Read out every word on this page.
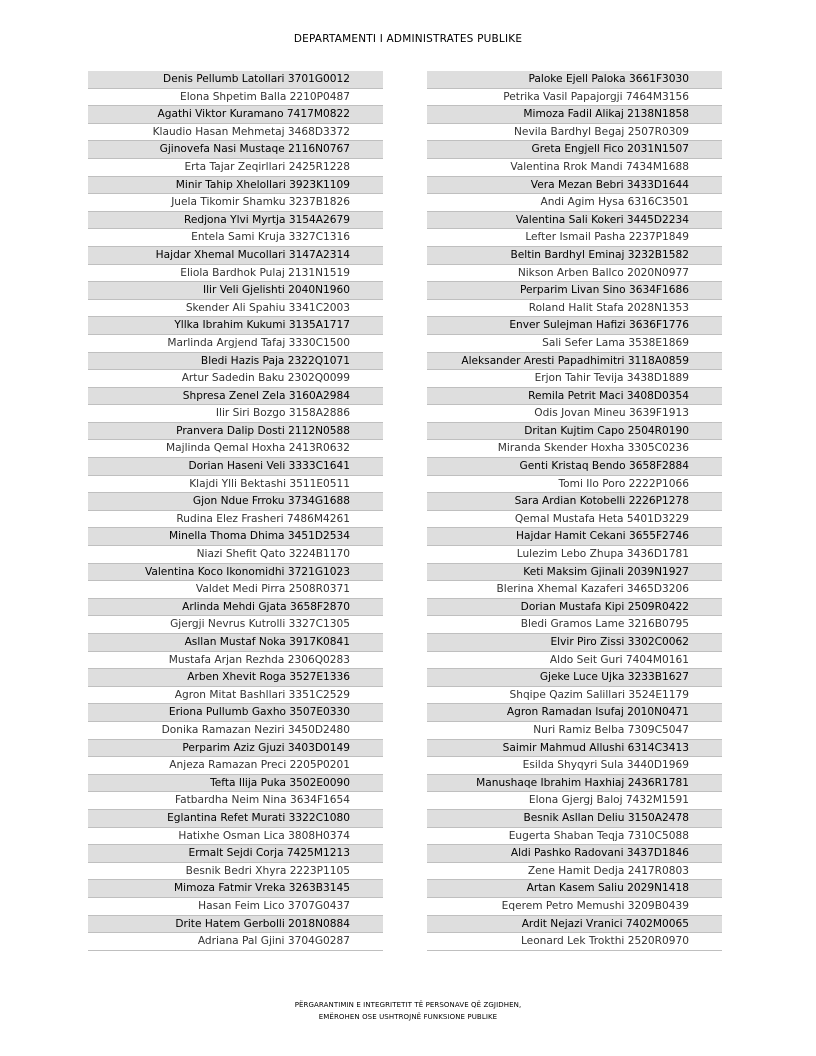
DEPARTAMENTI I ADMINISTRATES PUBLIKE
Denis Pellumb Latollari 3701G0012
Elona Shpetim Balla 2210P0487
Agathi Viktor Kuramano 7417M0822
Klaudio Hasan Mehmetaj 3468D3372
Gjinovefa Nasi Mustaqe 2116N0767
Erta Tajar Zeqirllari 2425R1228
Minir Tahip Xhelollari 3923K1109
Juela Tikomir Shamku 3237B1826
Redjona Ylvi Myrtja 3154A2679
Entela Sami Kruja 3327C1316
Hajdar Xhemal Mucollari 3147A2314
Eliola Bardhok Pulaj 2131N1519
Ilir Veli Gjelishti 2040N1960
Skender Ali Spahiu 3341C2003
Yllka Ibrahim Kukumi 3135A1717
Marlinda Argjend Tafaj 3330C1500
Bledi Hazis Paja 2322Q1071
Artur Sadedin Baku 2302Q0099
Shpresa Zenel Zela 3160A2984
Ilir Siri Bozgo 3158A2886
Pranvera Dalip Dosti 2112N0588
Majlinda Qemal Hoxha 2413R0632
Dorian Haseni Veli 3333C1641
Klajdi Ylli Bektashi 3511E0511
Gjon Ndue Frroku 3734G1688
Rudina Elez Frasheri 7486M4261
Minella Thoma Dhima 3451D2534
Niazi Shefit Qato 3224B1170
Valentina Koco Ikonomidhi 3721G1023
Valdet Medi Pirra 2508R0371
Arlinda Mehdi Gjata 3658F2870
Gjergji Nevrus Kutrolli 3327C1305
Asllan Mustaf Noka 3917K0841
Mustafa Arjan Rezhda 2306Q0283
Arben Xhevit Roga 3527E1336
Agron Mitat Bashllari 3351C2529
Eriona Pullumb Gaxho 3507E0330
Donika Ramazan Neziri 3450D2480
Perparim Aziz Gjuzi 3403D0149
Anjeza Ramazan Preci 2205P0201
Tefta Ilija Puka 3502E0090
Fatbardha Neim Nina 3634F1654
Eglantina Refet Murati 3322C1080
Hatixhe Osman Lica 3808H0374
Ermalt Sejdi Corja 7425M1213
Besnik Bedri Xhyra 2223P1105
Mimoza Fatmir Vreka 3263B3145
Hasan Feim Lico 3707G0437
Drite Hatem Gerbolli 2018N0884
Adriana Pal Gjini 3704G0287
Paloke Ejell Paloka 3661F3030
Petrika Vasil Papajorgji 7464M3156
Mimoza Fadil Alikaj 2138N1858
Nevila Bardhyl Begaj 2507R0309
Greta Engjell Fico 2031N1507
Valentina Rrok Mandi 7434M1688
Vera Mezan Bebri 3433D1644
Andi Agim Hysa 6316C3501
Valentina Sali Kokeri 3445D2234
Lefter Ismail Pasha 2237P1849
Beltin Bardhyl Eminaj 3232B1582
Nikson Arben Ballco 2020N0977
Perparim Livan Sino 3634F1686
Roland Halit Stafa 2028N1353
Enver Sulejman Hafizi 3636F1776
Sali Sefer Lama 3538E1869
Aleksander Aresti Papadhimitri 3118A0859
Erjon Tahir Tevija 3438D1889
Remila Petrit Maci 3408D0354
Odis Jovan Mineu 3639F1913
Dritan Kujtim Capo 2504R0190
Miranda Skender Hoxha 3305C0236
Genti Kristaq Bendo 3658F2884
Tomi Ilo Poro 2222P1066
Sara Ardian Kotobelli 2226P1278
Qemal Mustafa Heta 5401D3229
Hajdar Hamit Cekani 3655F2746
Lulezim Lebo Zhupa 3436D1781
Keti Maksim Gjinali 2039N1927
Blerina Xhemal Kazaferi 3465D3206
Dorian Mustafa Kipi 2509R0422
Bledi Gramos Lame 3216B0795
Elvir Piro Zissi 3302C0062
Aldo Seit Guri 7404M0161
Gjeke Luce Ujka 3233B1627
Shqipe Qazim Salillari 3524E1179
Agron Ramadan Isufaj 2010N0471
Nuri Ramiz Belba 7309C5047
Saimir Mahmud Allushi 6314C3413
Esilda Shyqyri Sula 3440D1969
Manushaqe Ibrahim Haxhiaj 2436R1781
Elona Gjergj Baloj 7432M1591
Besnik Asllan Deliu 3150A2478
Eugerta Shaban Teqja 7310C5088
Aldi Pashko Radovani 3437D1846
Zene Hamit Dedja 2417R0803
Artan Kasem Saliu 2029N1418
Eqerem Petro Memushi 3209B0439
Ardit Nejazi Vranici 7402M0065
Leonard Lek Trokthi 2520R0970
PËRGARANTIMIN E INTEGRITETIT TË PERSONAVE QË ZGJIDHEN,
EMËROHEN OSE USHTROJNË FUNKSIONE PUBLIKE
